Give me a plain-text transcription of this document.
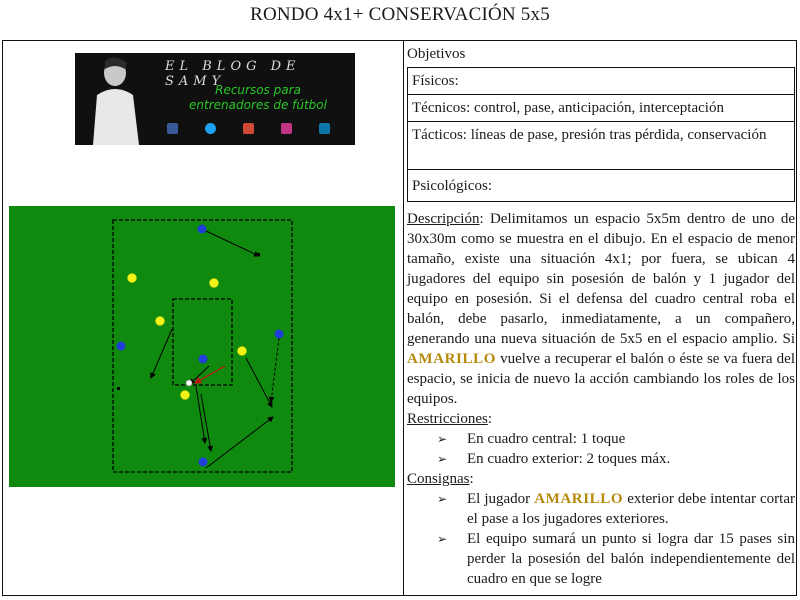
RONDO 4x1+ CONSERVACIÓN 5x5
EL BLOG DE SAMY
Recursos para
entrenadores de fútbol
Objetivos
Físicos:
Técnicos: control, pase, anticipación, interceptación
Tácticos: líneas de pase, presión tras pérdida, conservación
Psicológicos:
Descripción: Delimitamos un espacio 5x5m dentro de uno de 30x30m como se muestra en el dibujo. En el espacio de menor tamaño, existe una situación 4x1; por fuera, se ubican 4 jugadores del equipo sin posesión de balón y 1 jugador del equipo en posesión. Si el defensa del cuadro central roba el balón, debe pasarlo, inmediatamente, a un compañero, generando una nueva situación de 5x5 en el espacio amplio. Si AMARILLO vuelve a recuperar el balón o éste se va fuera del espacio, se inicia de nuevo la acción cambiando los roles de los equipos.
Restricciones:
➢ En cuadro central: 1 toque
➢ En cuadro exterior: 2 toques máx.
Consignas:
➢ El jugador AMARILLO exterior debe intentar cortar el pase a los jugadores exteriores.
➢ El equipo sumará un punto si logra dar 15 pases sin perder la posesión del balón independientemente del cuadro en que se logre
